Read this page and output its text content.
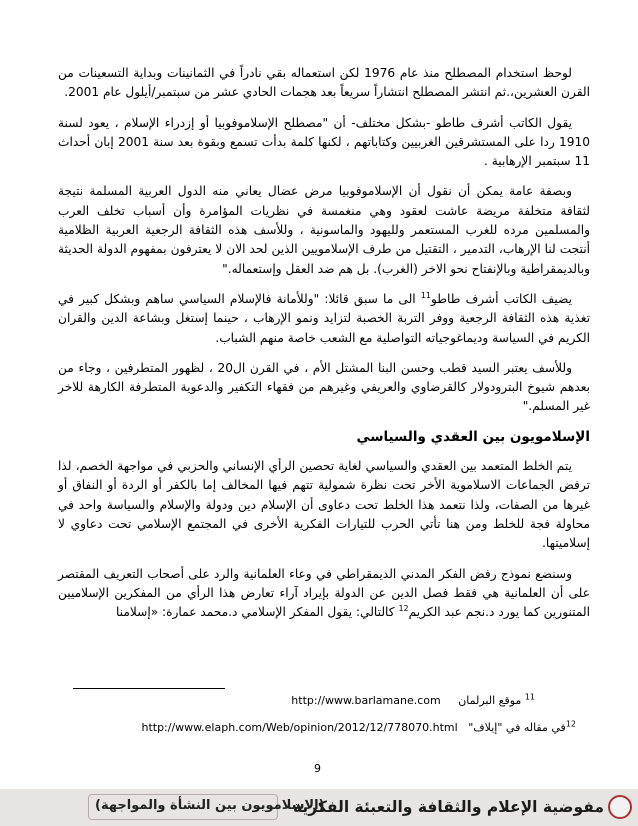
لوحظ استخدام المصطلح منذ عام 1976 لكن استعماله بقي نادراً في الثمانينات وبداية التسعينات من القرن العشرين،.ثم انتشر المصطلح انتشاراً سريعاً بعد هجمات الحادي عشر من سبتمبر/أيلول عام 2001.

يقول الكاتب أشرف طاطو -بشكل مختلف- أن "مصطلح الإسلاموفوبيا أو إزدراء الإسلام ، يعود لسنة 1910 ردا على المستشرقين الغربيين وكتاباتهم ، لكنها كلمة بدأت تسمع وبقوة بعد سنة 2001 إبان أحداث 11 سبتمبر الإرهابية .

وبصفة عامة يمكن أن نقول أن الإسلاموفوبيا مرض عضال يعاني منه الدول العربية المسلمة نتيجة لثقافة متخلفة مريضة عاشت لعقود وهي منغمسة في نظريات المؤامرة وأن أسباب تخلف العرب والمسلمين مرده للغرب المستعمر ولليهود والماسونية ، وللأسف هذه الثقافة الرجعية العربية الظلامية أنتجت لنا الإرهاب، التدمير ، التقتيل من طرف الإسلامويين الذين لحد الان لا يعترفون بمفهوم الدولة الحديثة وبالديمقراطية وبالإنفتاح نحو الاخر (الغرب). بل هم ضد العقل وإستعماله."

يضيف الكاتب أشرف طاطو$^{11}$ الى ما سبق قائلا: "وللأمانة فالإسلام السياسي ساهم وبشكل كبير في تغذية هذه الثقافة الرجعية ووفر التربة الخصبة لتزايد ونمو الإرهاب ، حينما إستغل وبشاعة الدين والقران الكريم في السياسة وديماغوجياته التواصلية مع الشعب خاصة منهم الشباب.

وللأسف يعتبر السيد قطب وحسن البنا المشتل الأم ، في القرن ال20 ، لظهور المتطرفين ، وجاء من بعدهم شيوخ البترودولار كالقرضاوي والعريفي وغيرهم من فقهاء التكفير والدعوية المتطرفة الكارهة للاخر غير المسلم."

الإسلامويون بين العقدي والسياسي

يتم الخلط المتعمد بين العقدي والسياسي لغاية تحصين الرأي الإنساني والحزبي في مواجهة الخصم، لذا ترفض الجماعات الاسلاموية الأخر تحت نظرة شمولية تتهم فيها المخالف إما بالكفر أو الردة أو النفاق أو غيرها من الصفات، ولذا نتعمد هذا الخلط تحت دعاوى أن الإسلام دين ودولة والإسلام والسياسة واحد في محاولة فجة للخلط ومن هنا تأتي الحرب للتيارات الفكرية الأخرى في المجتمع الإسلامي تحت دعاوي لا إسلاميتها.

وسنضع نموذج رفض الفكر المدني الديمقراطي في وعاء العلمانية والرد على أصحاب التعريف المقتصر على أن العلمانية هي فقط فصل الدين عن الدولة بإيراد آراء تعارض هذا الرأي من المفكرين الإسلاميين المتنورين كما يورد د.نجم عبد الكريم$^{12}$ كالتالي: يقول المفكر الإسلامي د.محمد عمارة: «إسلامنا

$^{11}$ موقع البرلمان     http://www.barlamane.com
$^{12}$في مقاله في "إيلاف"   http://www.elaph.com/Web/opinion/2012/12/778070.html
9
مفوضية الإعلام والثقافة والتعبئة الفكرية
(الاسلامويون بين النشأة والمواجهة)
